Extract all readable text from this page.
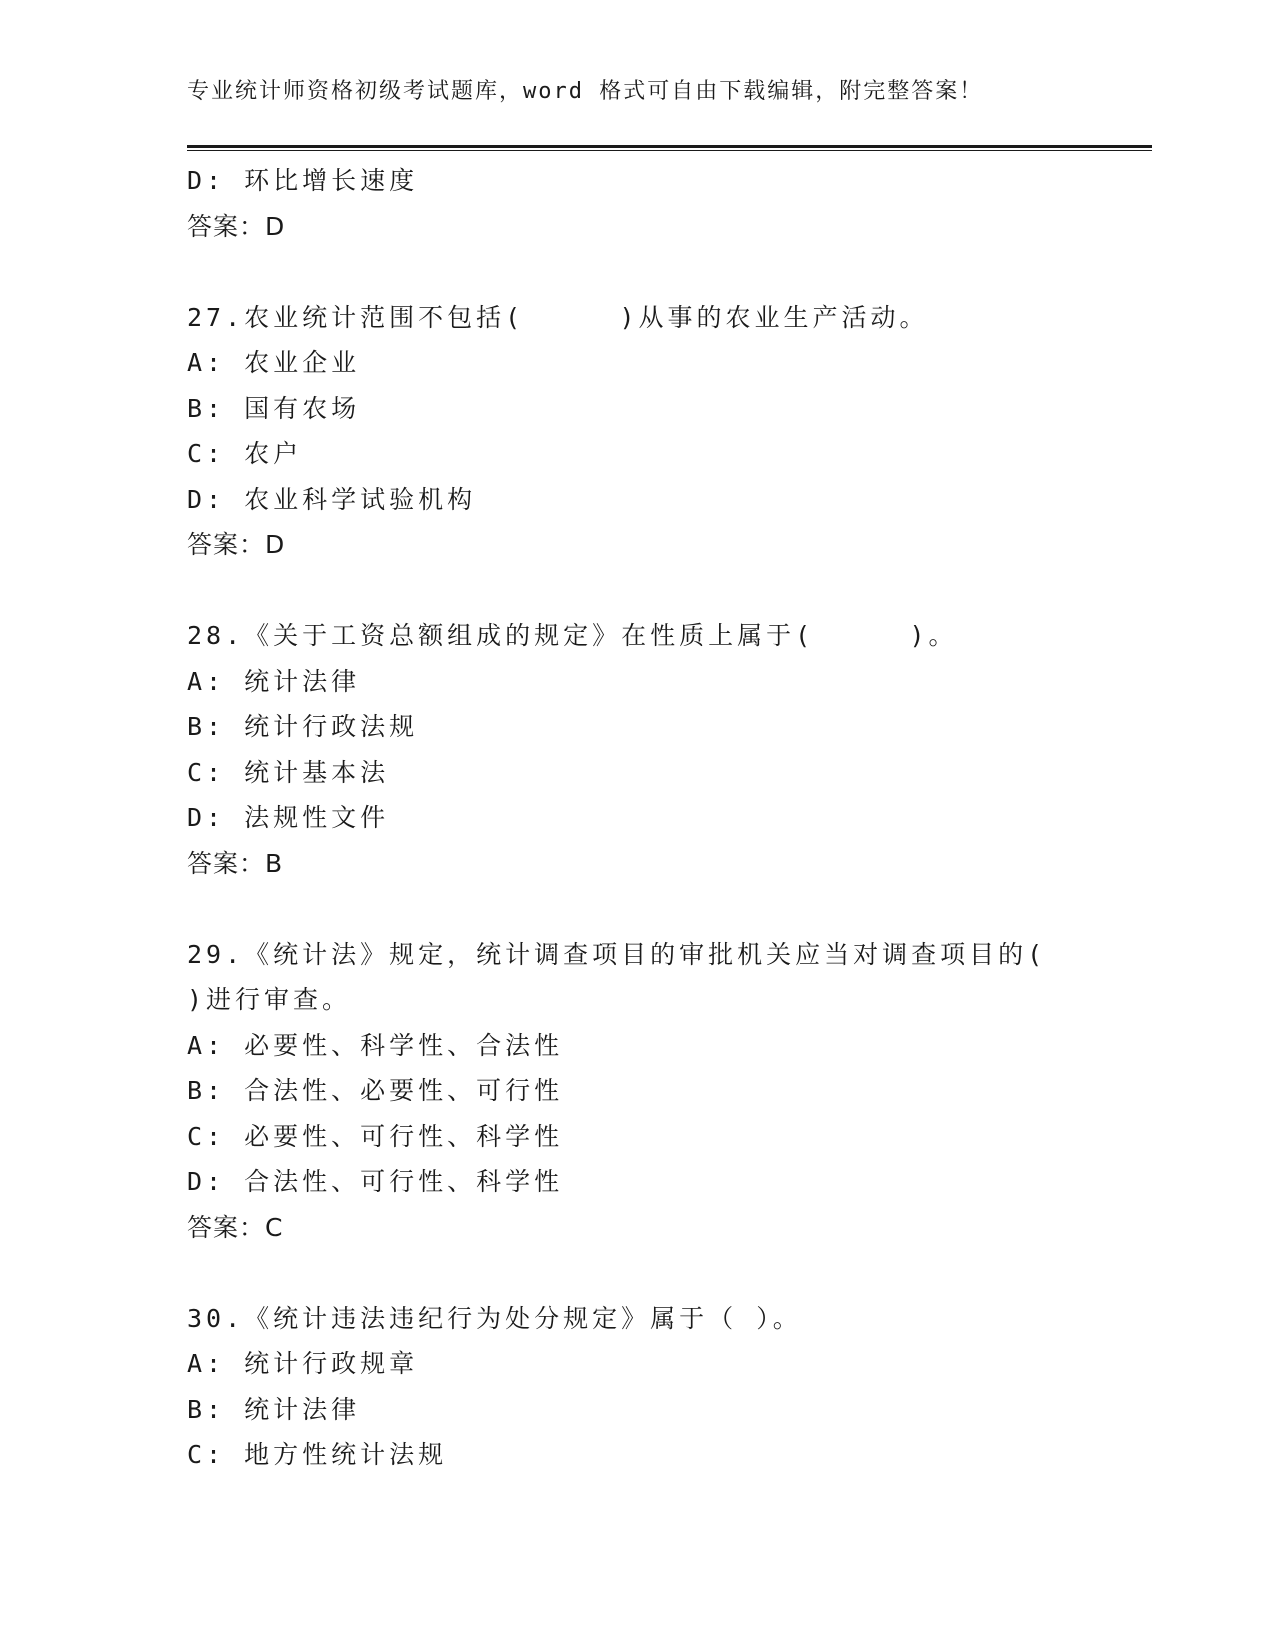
专业统计师资格初级考试题库，word 格式可自由下载编辑，附完整答案！
D: 环比增长速度
答案：D
27.农业统计范围不包括(     )从事的农业生产活动。
A: 农业企业
B: 国有农场
C: 农户
D: 农业科学试验机构
答案：D
28.《关于工资总额组成的规定》在性质上属于(     )。
A: 统计法律
B: 统计行政法规
C: 统计基本法
D: 法规性文件
答案：B
29.《统计法》规定，统计调查项目的审批机关应当对调查项目的(
)进行审查。
A: 必要性、科学性、合法性
B: 合法性、必要性、可行性
C: 必要性、可行性、科学性
D: 合法性、可行性、科学性
答案：C
30.《统计违法违纪行为处分规定》属于（ ）。
A: 统计行政规章
B: 统计法律
C: 地方性统计法规
